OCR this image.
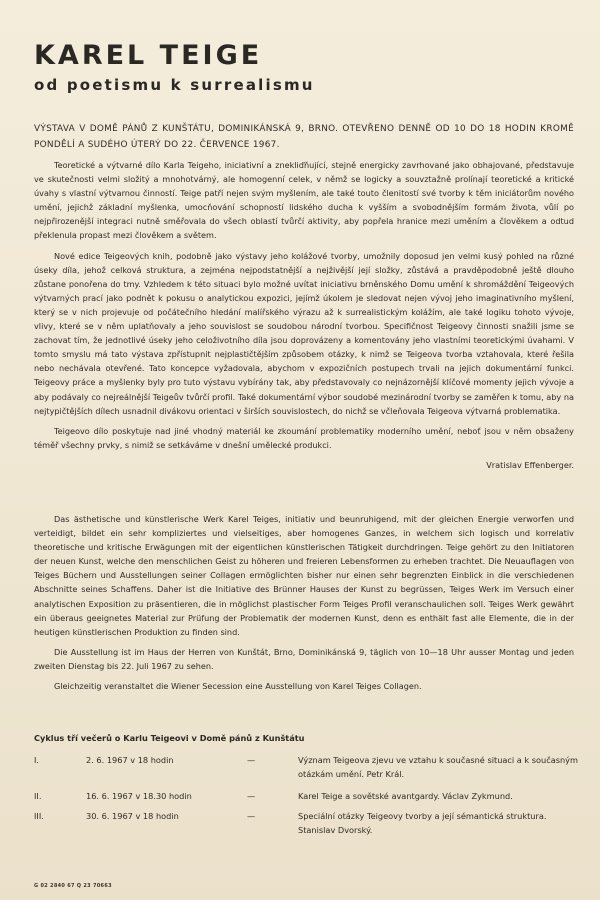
KAREL TEIGE
od poetismu k surrealismu
VÝSTAVA V DOMĚ PÁNŮ Z KUNŠTÁTU, DOMINIKÁNSKÁ 9, BRNO. OTEVŘENO DENNĚ OD 10 DO 18 HODIN KROMĚ PONDĚLÍ A SUDÉHO ÚTERÝ DO 22. ČERVENCE 1967.

Teoretické a výtvarné dílo Karla Teigeho, iniciativní a znekliďňující, stejně energicky zavrhované jako obhajované, představuje ve skutečnosti velmi složitý a mnohotvárný, ale homogenní celek, v němž se logicky a souvztažně prolínají teoretické a kritické úvahy s vlastní výtvarnou činností. Teige patří nejen svým myšlením, ale také touto členitostí své tvorby k těm iniciátorům nového umění, jejichž základní myšlenka, umocňování schopností lidského ducha k vyšším a svobodnějším formám života, vůlí po nejpřirozenější integraci nutně směřovala do všech oblastí tvůrčí aktivity, aby popřela hranice mezi uměním a člověkem a odtud překlenula propast mezi člověkem a světem.

Nové edice Teigeových knih, podobně jako výstavy jeho kolážové tvorby, umožnily doposud jen velmi kusý pohled na různé úseky díla, jehož celková struktura, a zejména nejpodstatnější a nejživější její složky, zůstává a pravděpodobně ještě dlouho zůstane ponořena do tmy. Vzhledem k této situaci bylo možné uvítat iniciativu brněnského Domu umění k shromáždění Teigeových výtvarných prací jako podnět k pokusu o analytickou expozici, jejímž úkolem je sledovat nejen vývoj jeho imaginativního myšlení, který se v nich projevuje od počátečního hledání malířského výrazu až k surrealistickým kolážím, ale také logiku tohoto vývoje, vlivy, které se v něm uplatňovaly a jeho souvislost se soudobou národní tvorbou. Specifičnost Teigeovy činnosti snažili jsme se zachovat tím, že jednotlivé úseky jeho celoživotního díla jsou doprovázeny a komentovány jeho vlastními teoretickými úvahami. V tomto smyslu má tato výstava zpřístupnit nejplastičtějším způsobem otázky, k nimž se Teigeova tvorba vztahovala, které řešila nebo nechávala otevřené. Tato koncepce vyžadovala, abychom v expozičních postupech trvali na jejich dokumentární funkci. Teigeovy práce a myšlenky byly pro tuto výstavu vybírány tak, aby představovaly co nejnázornější klíčové momenty jejich vývoje a aby podávaly co nejreálnější Teigeův tvůrčí profil. Také dokumentární výbor soudobé mezinárodní tvorby se zaměřen k tomu, aby na nejtypičtějších dílech usnadnil divákovu orientaci v širších souvislostech, do nichž se včleňovala Teigeova výtvarná problematika.

Teigeovo dílo poskytuje nad jiné vhodný materiál ke zkoumání problematiky moderního umění, neboť jsou v něm obsaženy téměř všechny prvky, s nimiž se setkáváme v dnešní umělecké produkci.

Vratislav Effenberger.

Das ästhetische und künstlerische Werk Karel Teiges, initiativ und beunruhigend, mit der gleichen Energie verworfen und verteidigt, bildet ein sehr kompliziertes und vielseitiges, aber homogenes Ganzes, in welchem sich logisch und korrelativ theoretische und kritische Erwägungen mit der eigentlichen künstlerischen Tätigkeit durchdringen. Teige gehört zu den Initiatoren der neuen Kunst, welche den menschlichen Geist zu höheren und freieren Lebensformen zu erheben trachtet. Die Neuauflagen von Teiges Büchern und Ausstellungen seiner Collagen ermöglichten bisher nur einen sehr begrenzten Einblick in die verschiedenen Abschnitte seines Schaffens. Daher ist die Initiative des Brünner Hauses der Kunst zu begrüssen, Teiges Werk im Versuch einer analytischen Exposition zu präsentieren, die in möglichst plastischer Form Teiges Profil veranschaulichen soll. Teiges Werk gewährt ein überaus geeignetes Material zur Prüfung der Problematik der modernen Kunst, denn es enthält fast alle Elemente, die in der heutigen künstlerischen Produktion zu finden sind.

Die Ausstellung ist im Haus der Herren von Kunštát, Brno, Dominikánská 9, täglich von 10—18 Uhr ausser Montag und jeden zweiten Dienstag bis 22. Juli 1967 zu sehen.

Gleichzeitig veranstaltet die Wiener Secession eine Ausstellung von Karel Teiges Collagen.

Cyklus tří večerů o Karlu Teigeovi v Domě pánů z Kunštátu
I.	2. 6. 1967 v 18 hodin	—	Význam Teigeova zjevu ve vztahu k současné situaci a k současným otázkám umění. Petr Král.
II.	16. 6. 1967 v 18.30 hodin	—	Karel Teige a sovětské avantgardy. Václav Zykmund.
III.	30. 6. 1967 v 18 hodin	—	Speciální otázky Teigeovy tvorby a její sémantická struktura. Stanislav Dvorský.
G 02 2840 67 Q 23 70663
